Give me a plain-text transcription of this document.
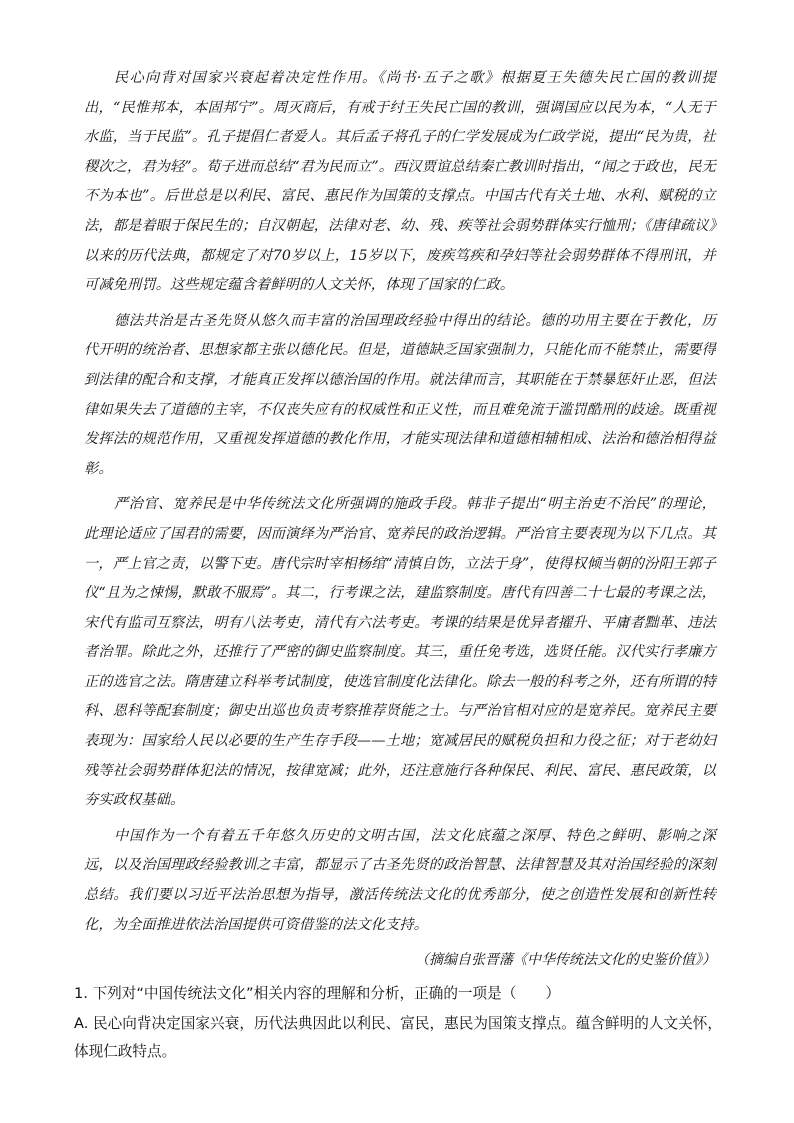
民心向背对国家兴衰起着决定性作用。《尚书·五子之歌》根据夏王失德失民亡国的教训提出，“民惟邦本，本固邦宁”。周灭商后，有戒于纣王失民亡国的教训，强调国应以民为本，“人无于水监，当于民监”。孔子提倡仁者爱人。其后孟子将孔子的仁学发展成为仁政学说，提出“民为贵，社稷次之，君为轻”。荀子进而总结“君为民而立”。西汉贾谊总结秦亡教训时指出，“闻之于政也，民无不为本也”。后世总是以利民、富民、惠民作为国策的支撑点。中国古代有关土地、水利、赋税的立法，都是着眼于保民生的；自汉朝起，法律对老、幼、残、疾等社会弱势群体实行恤刑；《唐律疏议》以来的历代法典，都规定了对70岁以上，15岁以下，废疾笃疾和孕妇等社会弱势群体不得刑讯，并可减免刑罚。这些规定蕴含着鲜明的人文关怀，体现了国家的仁政。

德法共治是古圣先贤从悠久而丰富的治国理政经验中得出的结论。德的功用主要在于教化，历代开明的统治者、思想家都主张以德化民。但是，道德缺乏国家强制力，只能化而不能禁止，需要得到法律的配合和支撑，才能真正发挥以德治国的作用。就法律而言，其职能在于禁暴惩奸止恶，但法律如果失去了道德的主宰，不仅丧失应有的权威性和正义性，而且难免流于滥罚酷刑的歧途。既重视发挥法的规范作用，又重视发挥道德的教化作用，才能实现法律和道德相辅相成、法治和德治相得益彰。

严治官、宽养民是中华传统法文化所强调的施政手段。韩非子提出“明主治吏不治民”的理论，此理论适应了国君的需要，因而演绎为严治官、宽养民的政治逻辑。严治官主要表现为以下几点。其一，严上官之责，以警下吏。唐代宗时宰相杨绾“清慎自饬，立法于身”，使得权倾当朝的汾阳王郭子仪“且为之悚惕，默敢不服焉”。其二，行考课之法，建监察制度。唐代有四善二十七最的考课之法，宋代有监司互察法，明有八法考吏，清代有六法考吏。考课的结果是优异者擢升、平庸者黜革、违法者治罪。除此之外，还推行了严密的御史监察制度。其三，重任免考选，选贤任能。汉代实行孝廉方正的选官之法。隋唐建立科举考试制度，使选官制度化法律化。除去一般的科考之外，还有所谓的特科、恩科等配套制度；御史出巡也负责考察推荐贤能之士。与严治官相对应的是宽养民。宽养民主要表现为：国家给人民以必要的生产生存手段——土地；宽减居民的赋税负担和力役之征；对于老幼妇残等社会弱势群体犯法的情况，按律宽减；此外，还注意施行各种保民、利民、富民、惠民政策，以夯实政权基础。

中国作为一个有着五千年悠久历史的文明古国，法文化底蕴之深厚、特色之鲜明、影响之深远，以及治国理政经验教训之丰富，都显示了古圣先贤的政治智慧、法律智慧及其对治国经验的深刻总结。我们要以习近平法治思想为指导，激活传统法文化的优秀部分，使之创造性发展和创新性转化，为全面推进依法治国提供可资借鉴的法文化支持。

（摘编自张晋藩《中华传统法文化的史鉴价值》）

1. 下列对“中国传统法文化”相关内容的理解和分析，正确的一项是（　　）

A. 民心向背决定国家兴衰，历代法典因此以利民、富民，惠民为国策支撑点。蕴含鲜明的人文关怀，体现仁政特点。
